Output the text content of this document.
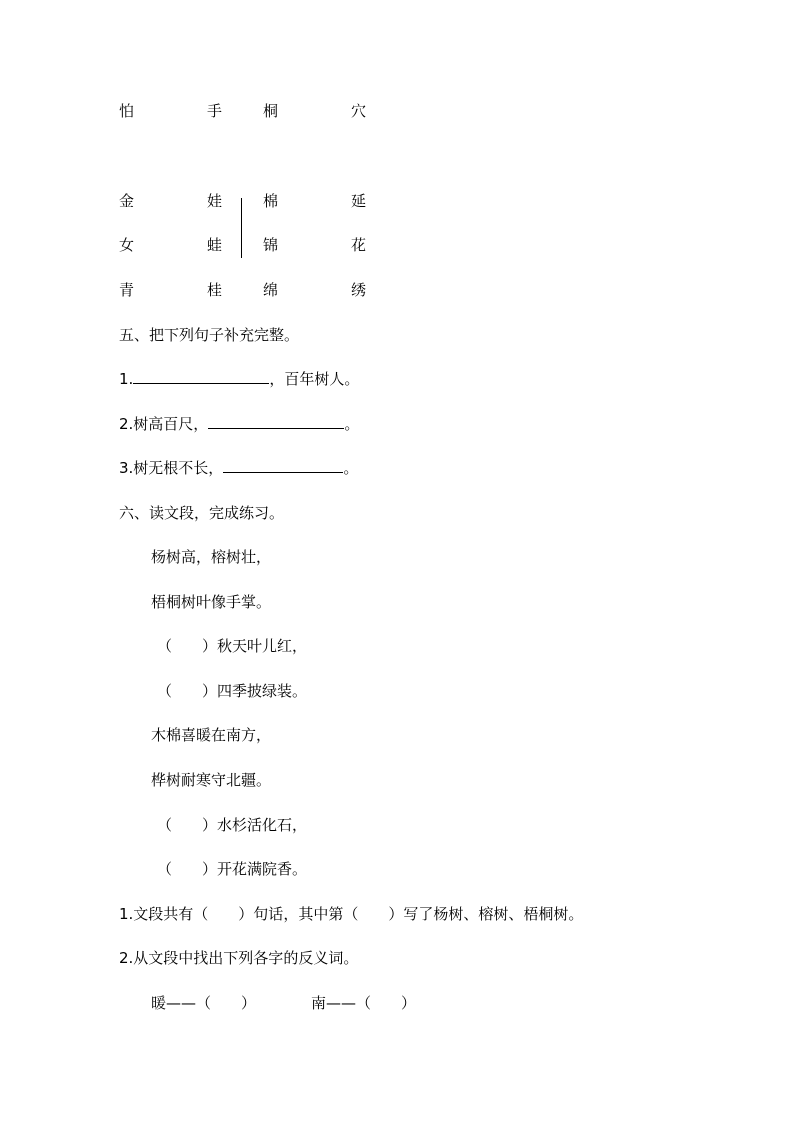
怕	手	桐	穴
金	娃	棉	延
女	蛙	锦	花
青	桂	绵	绣
五、把下列句子补充完整。
1.	，百年树人。
2.树高百尺，	。
3.树无根不长，	。
六、读文段，完成练习。
杨树高，榕树壮，
梧桐树叶像手掌。
（　　）秋天叶儿红，
（　　）四季披绿装。
木棉喜暖在南方，
桦树耐寒守北疆。
（　　）水杉活化石，
（　　）开花满院香。
1.文段共有（　　）句话，其中第（　　）写了杨树、榕树、梧桐树。
2.从文段中找出下列各字的反义词。
暖——（　　）	南——（　　）
